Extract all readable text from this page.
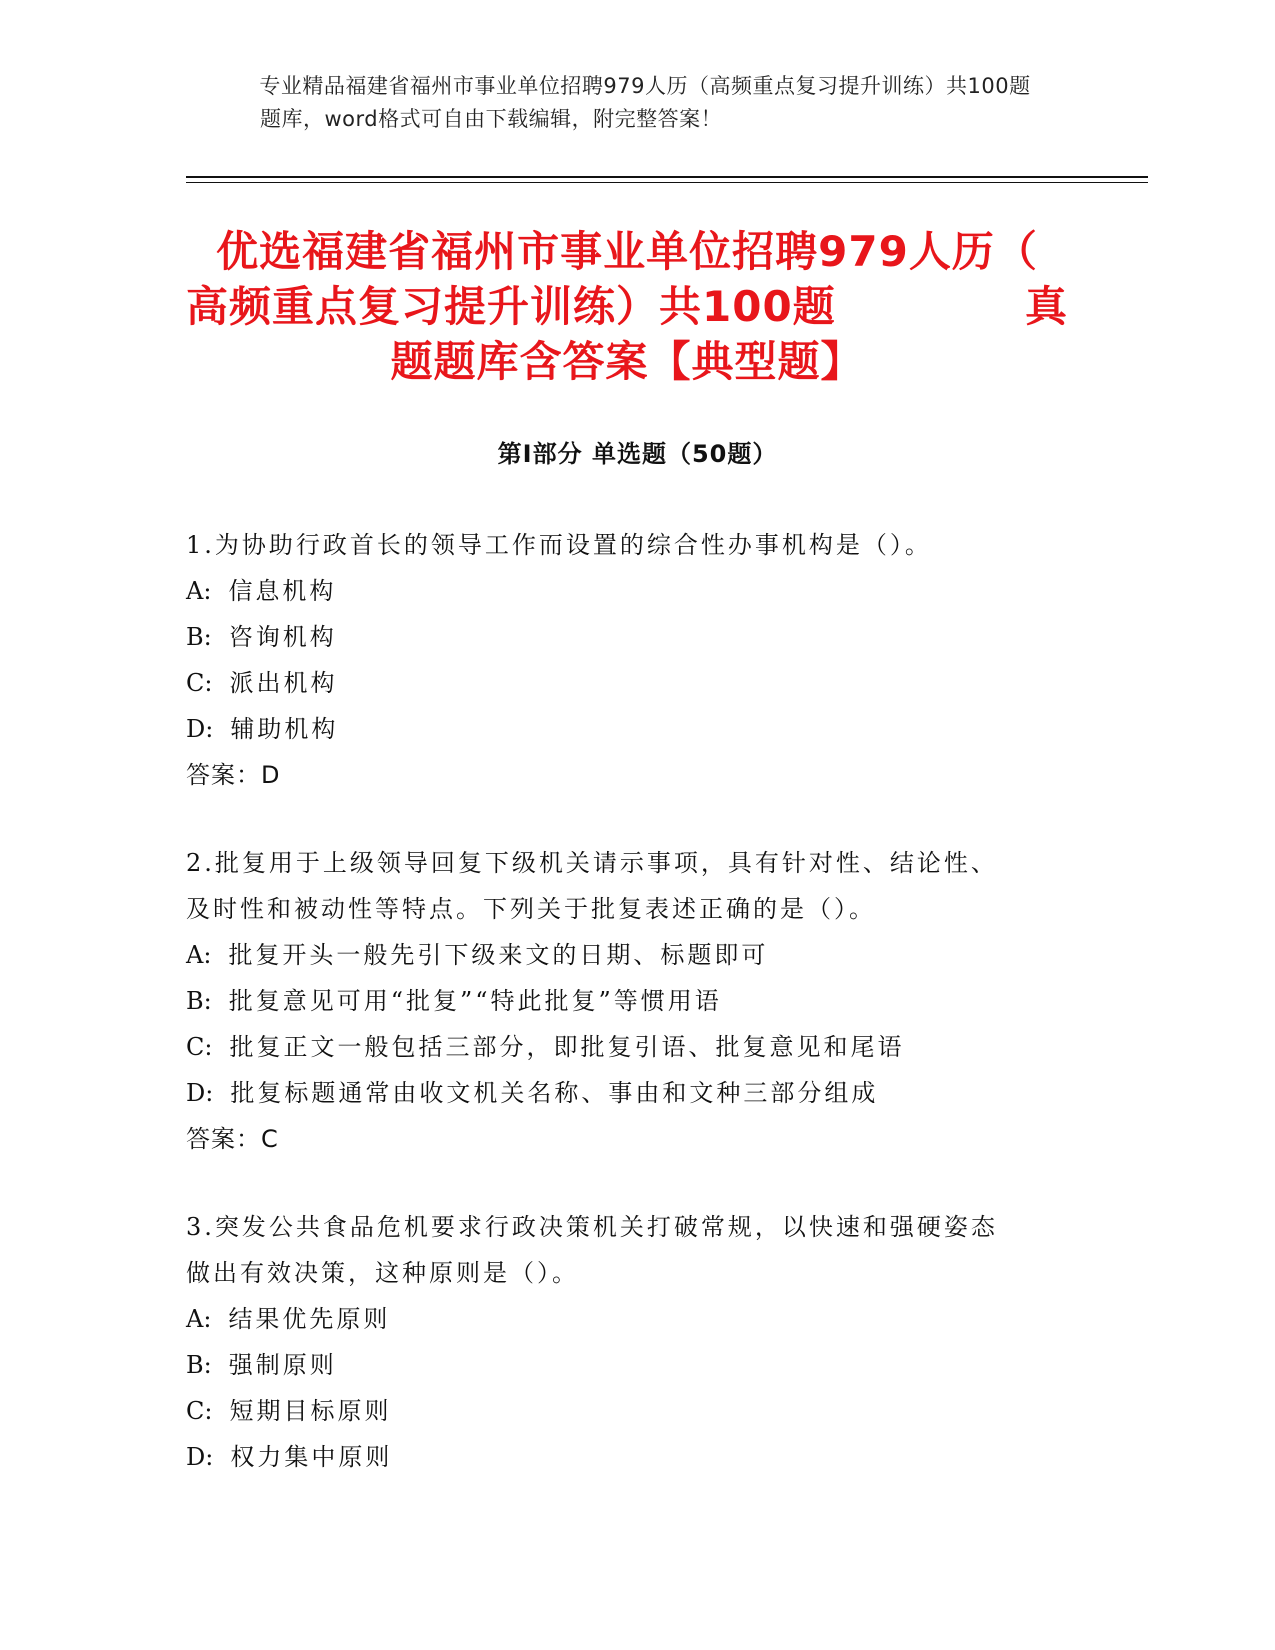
专业精品福建省福州市事业单位招聘979人历（高频重点复习提升训练）共100题
题库，word格式可自由下载编辑，附完整答案！
优选福建省福州市事业单位招聘979人历（
高频重点复习提升训练）共100题	真
题题库含答案【典型题】
第Ⅰ部分 单选题（50题）
1.为协助行政首长的领导工作而设置的综合性办事机构是（）。
A: 信息机构
B: 咨询机构
C: 派出机构
D: 辅助机构
答案：D
2.批复用于上级领导回复下级机关请示事项，具有针对性、结论性、
及时性和被动性等特点。下列关于批复表述正确的是（）。
A: 批复开头一般先引下级来文的日期、标题即可
B: 批复意见可用“批复”“特此批复”等惯用语
C: 批复正文一般包括三部分，即批复引语、批复意见和尾语
D: 批复标题通常由收文机关名称、事由和文种三部分组成
答案：C
3.突发公共食品危机要求行政决策机关打破常规，以快速和强硬姿态
做出有效决策，这种原则是（）。
A: 结果优先原则
B: 强制原则
C: 短期目标原则
D: 权力集中原则
